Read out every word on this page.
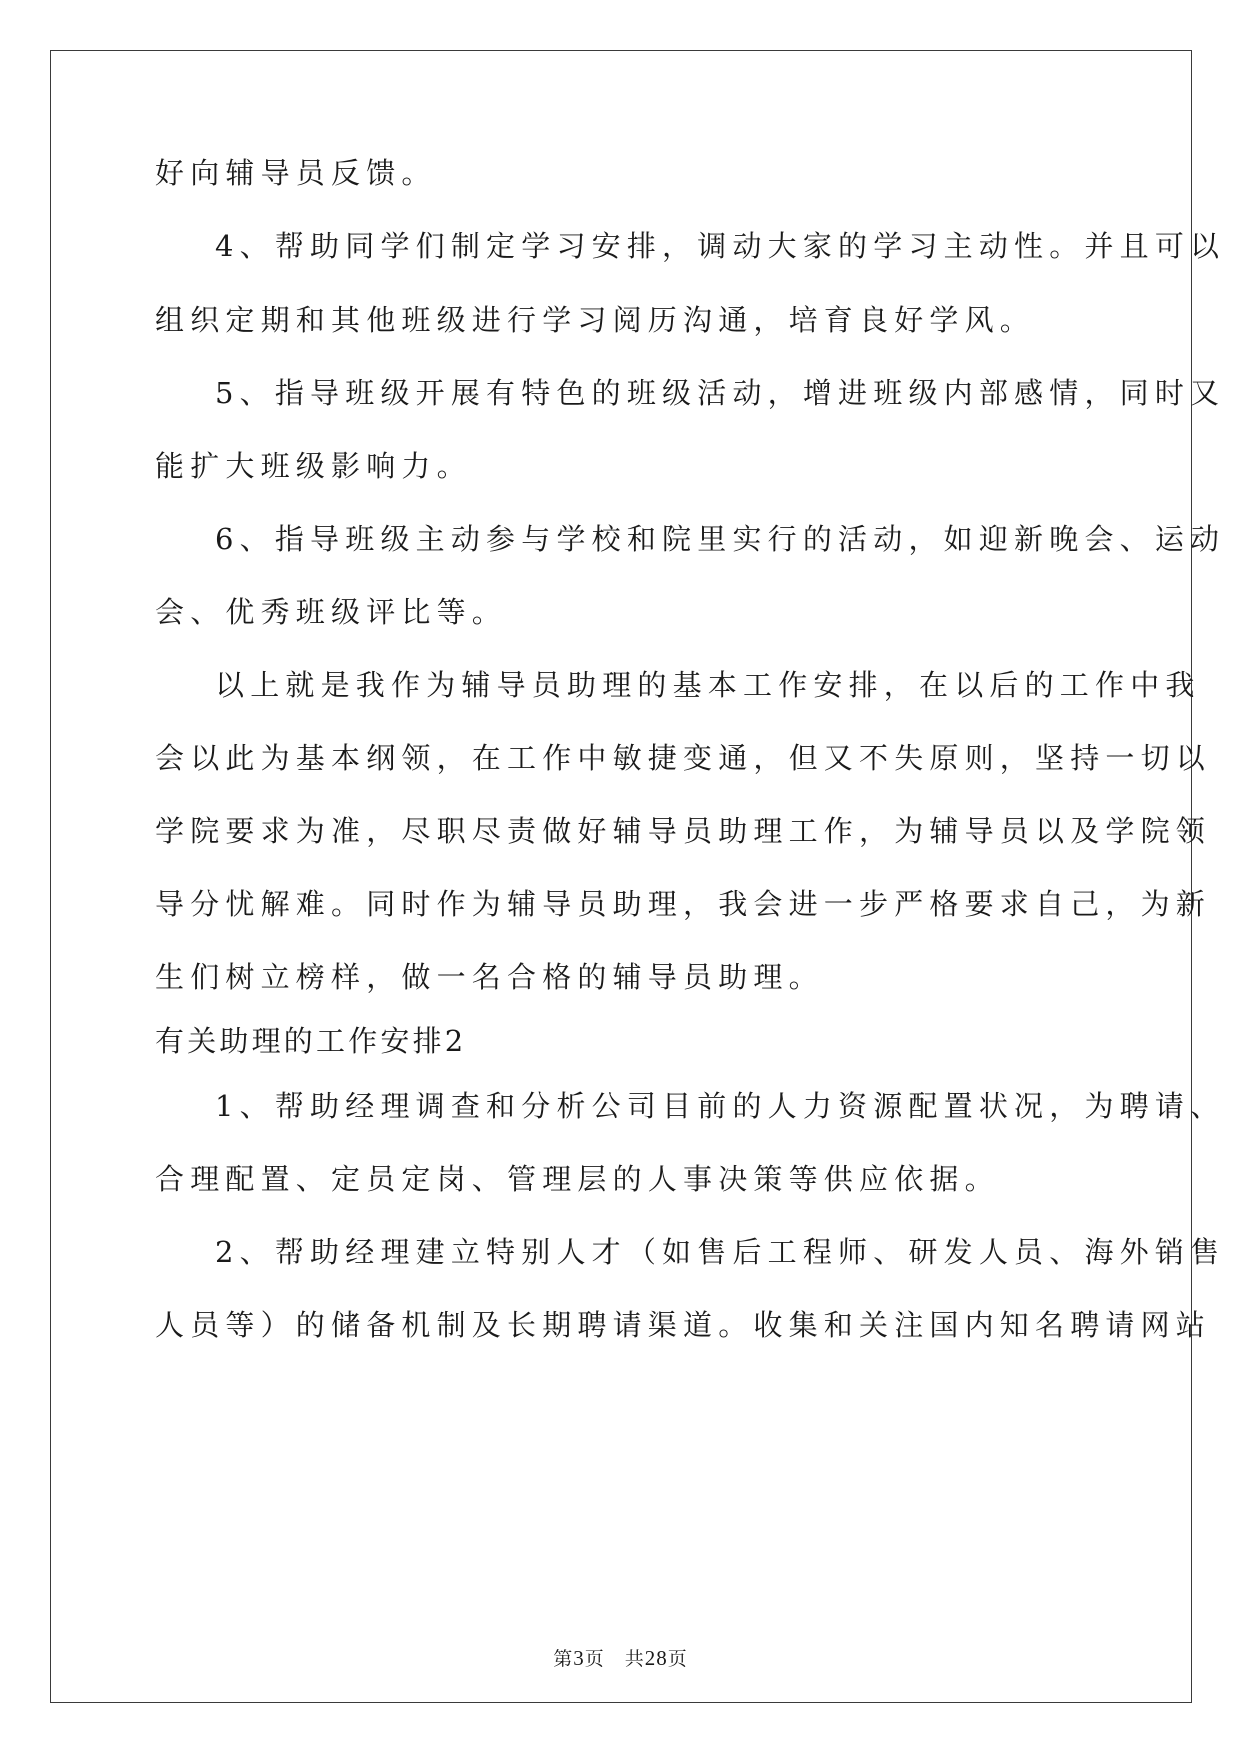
好向辅导员反馈。

4、帮助同学们制定学习安排，调动大家的学习主动性。并且可以

组织定期和其他班级进行学习阅历沟通，培育良好学风。

5、指导班级开展有特色的班级活动，增进班级内部感情，同时又

能扩大班级影响力。

6、指导班级主动参与学校和院里实行的活动，如迎新晚会、运动

会、优秀班级评比等。

以上就是我作为辅导员助理的基本工作安排，在以后的工作中我

会以此为基本纲领，在工作中敏捷变通，但又不失原则，坚持一切以

学院要求为准，尽职尽责做好辅导员助理工作，为辅导员以及学院领

导分忧解难。同时作为辅导员助理，我会进一步严格要求自己，为新

生们树立榜样，做一名合格的辅导员助理。

有关助理的工作安排2

1、帮助经理调查和分析公司目前的人力资源配置状况，为聘请、

合理配置、定员定岗、管理层的人事决策等供应依据。

2、帮助经理建立特别人才（如售后工程师、研发人员、海外销售

人员等）的储备机制及长期聘请渠道。收集和关注国内知名聘请网站

第3页 共28页
